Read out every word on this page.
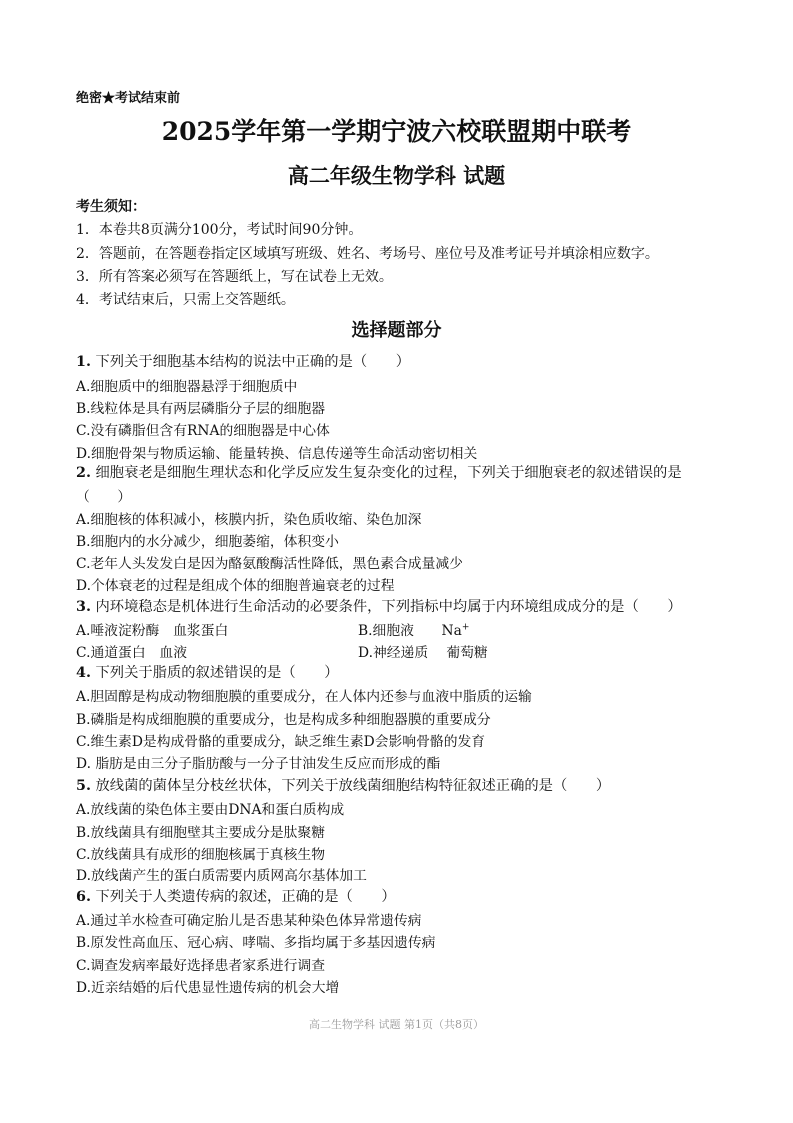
绝密★考试结束前
2025学年第一学期宁波六校联盟期中联考
高二年级生物学科 试题
考生须知：
1．本卷共8页满分100分，考试时间90分钟。
2．答题前，在答题卷指定区域填写班级、姓名、考场号、座位号及准考证号并填涂相应数字。
3．所有答案必须写在答题纸上，写在试卷上无效。
4．考试结束后，只需上交答题纸。
选择题部分
1. 下列关于细胞基本结构的说法中正确的是（　　）
A.细胞质中的细胞器悬浮于细胞质中
B.线粒体是具有两层磷脂分子层的细胞器
C.没有磷脂但含有RNA的细胞器是中心体
D.细胞骨架与物质运输、能量转换、信息传递等生命活动密切相关
2. 细胞衰老是细胞生理状态和化学反应发生复杂变化的过程，下列关于细胞衰老的叙述错误的是
（　　）
A.细胞核的体积减小，核膜内折，染色质收缩、染色加深
B.细胞内的水分减少，细胞萎缩，体积变小
C.老年人头发发白是因为酪氨酸酶活性降低，黑色素合成量减少
D.个体衰老的过程是组成个体的细胞普遍衰老的过程
3. 内环境稳态是机体进行生命活动的必要条件，下列指标中均属于内环境组成成分的是（　　）
A.唾液淀粉酶　血浆蛋白	B.细胞液　　Na+
C.通道蛋白　血液	D.神经递质　 葡萄糖
4. 下列关于脂质的叙述错误的是（　　）
A.胆固醇是构成动物细胞膜的重要成分，在人体内还参与血液中脂质的运输
B.磷脂是构成细胞膜的重要成分，也是构成多种细胞器膜的重要成分
C.维生素D是构成骨骼的重要成分，缺乏维生素D会影响骨骼的发育
D. 脂肪是由三分子脂肪酸与一分子甘油发生反应而形成的酯
5. 放线菌的菌体呈分枝丝状体，下列关于放线菌细胞结构特征叙述正确的是（　　）
A.放线菌的染色体主要由DNA和蛋白质构成
B.放线菌具有细胞壁其主要成分是肽聚糖
C.放线菌具有成形的细胞核属于真核生物
D.放线菌产生的蛋白质需要内质网高尔基体加工
6. 下列关于人类遗传病的叙述，正确的是（　　）
A.通过羊水检查可确定胎儿是否患某种染色体异常遗传病
B.原发性高血压、冠心病、哮喘、多指均属于多基因遗传病
C.调查发病率最好选择患者家系进行调查
D.近亲结婚的后代患显性遗传病的机会大增
高二生物学科 试题 第1页（共8页）
